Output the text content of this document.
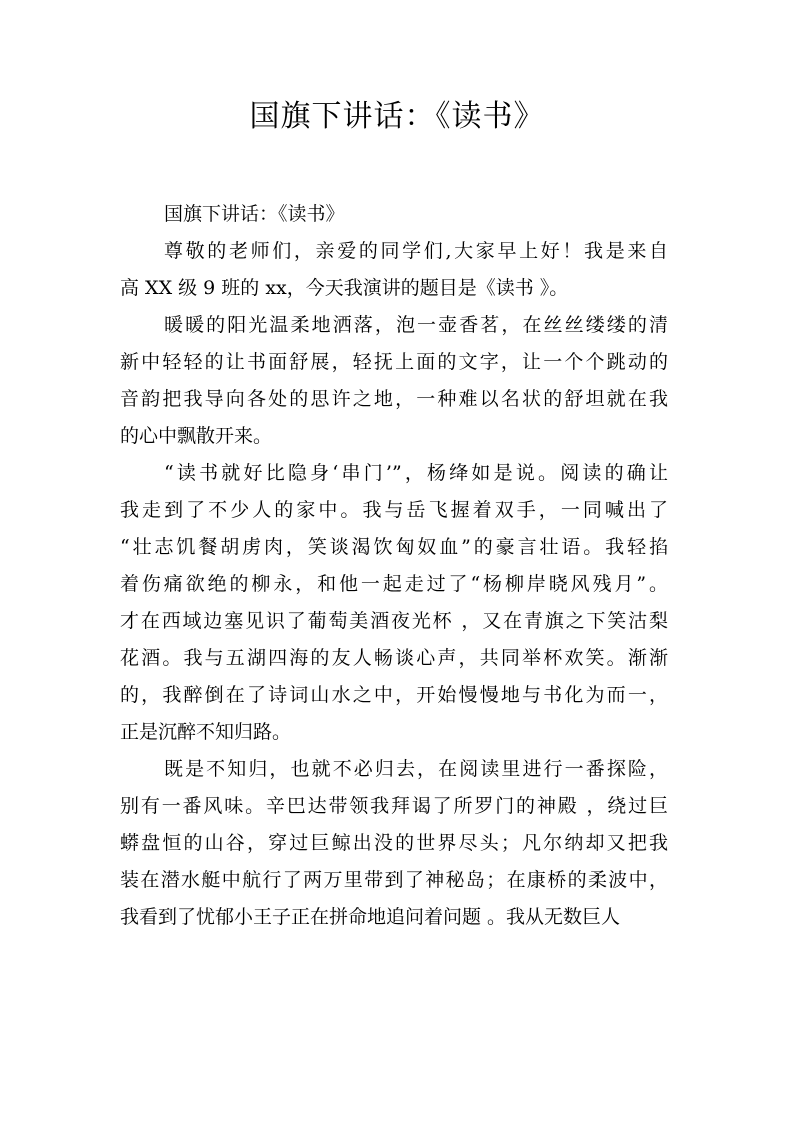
国旗下讲话：《读书》
国旗下讲话：《读书》
尊敬的老师们，亲爱的同学们,大家早上好！我是来自
高 XX 级 9 班的 xx，今天我演讲的题目是《读书 》。
暖暖的阳光温柔地洒落，泡一壶香茗，在丝丝缕缕的清
新中轻轻的让书面舒展，轻抚上面的文字，让一个个跳动的
音韵把我导向各处的思许之地，一种难以名状的舒坦就在我
的心中飘散开来。
“读书就好比隐身‘串门’”，杨绛如是说。阅读的确让
我走到了不少人的家中。我与岳飞握着双手，一同喊出了
“壮志饥餐胡虏肉，笑谈渴饮匈奴血”的豪言壮语。我轻掐
着伤痛欲绝的柳永，和他一起走过了“杨柳岸晓风残月”。
才在西域边塞见识了葡萄美酒夜光杯 ，又在青旗之下笑沽梨
花酒。我与五湖四海的友人畅谈心声，共同举杯欢笑。渐渐
的，我醉倒在了诗词山水之中，开始慢慢地与书化为而一，
正是沉醉不知归路。
既是不知归，也就不必归去，在阅读里进行一番探险，
别有一番风味。辛巴达带领我拜谒了所罗门的神殿 ，绕过巨
蟒盘恒的山谷，穿过巨鲸出没的世界尽头；凡尔纳却又把我
装在潜水艇中航行了两万里带到了神秘岛；在康桥的柔波中，
我看到了忧郁小王子正在拼命地追问着问题 。我从无数巨人
